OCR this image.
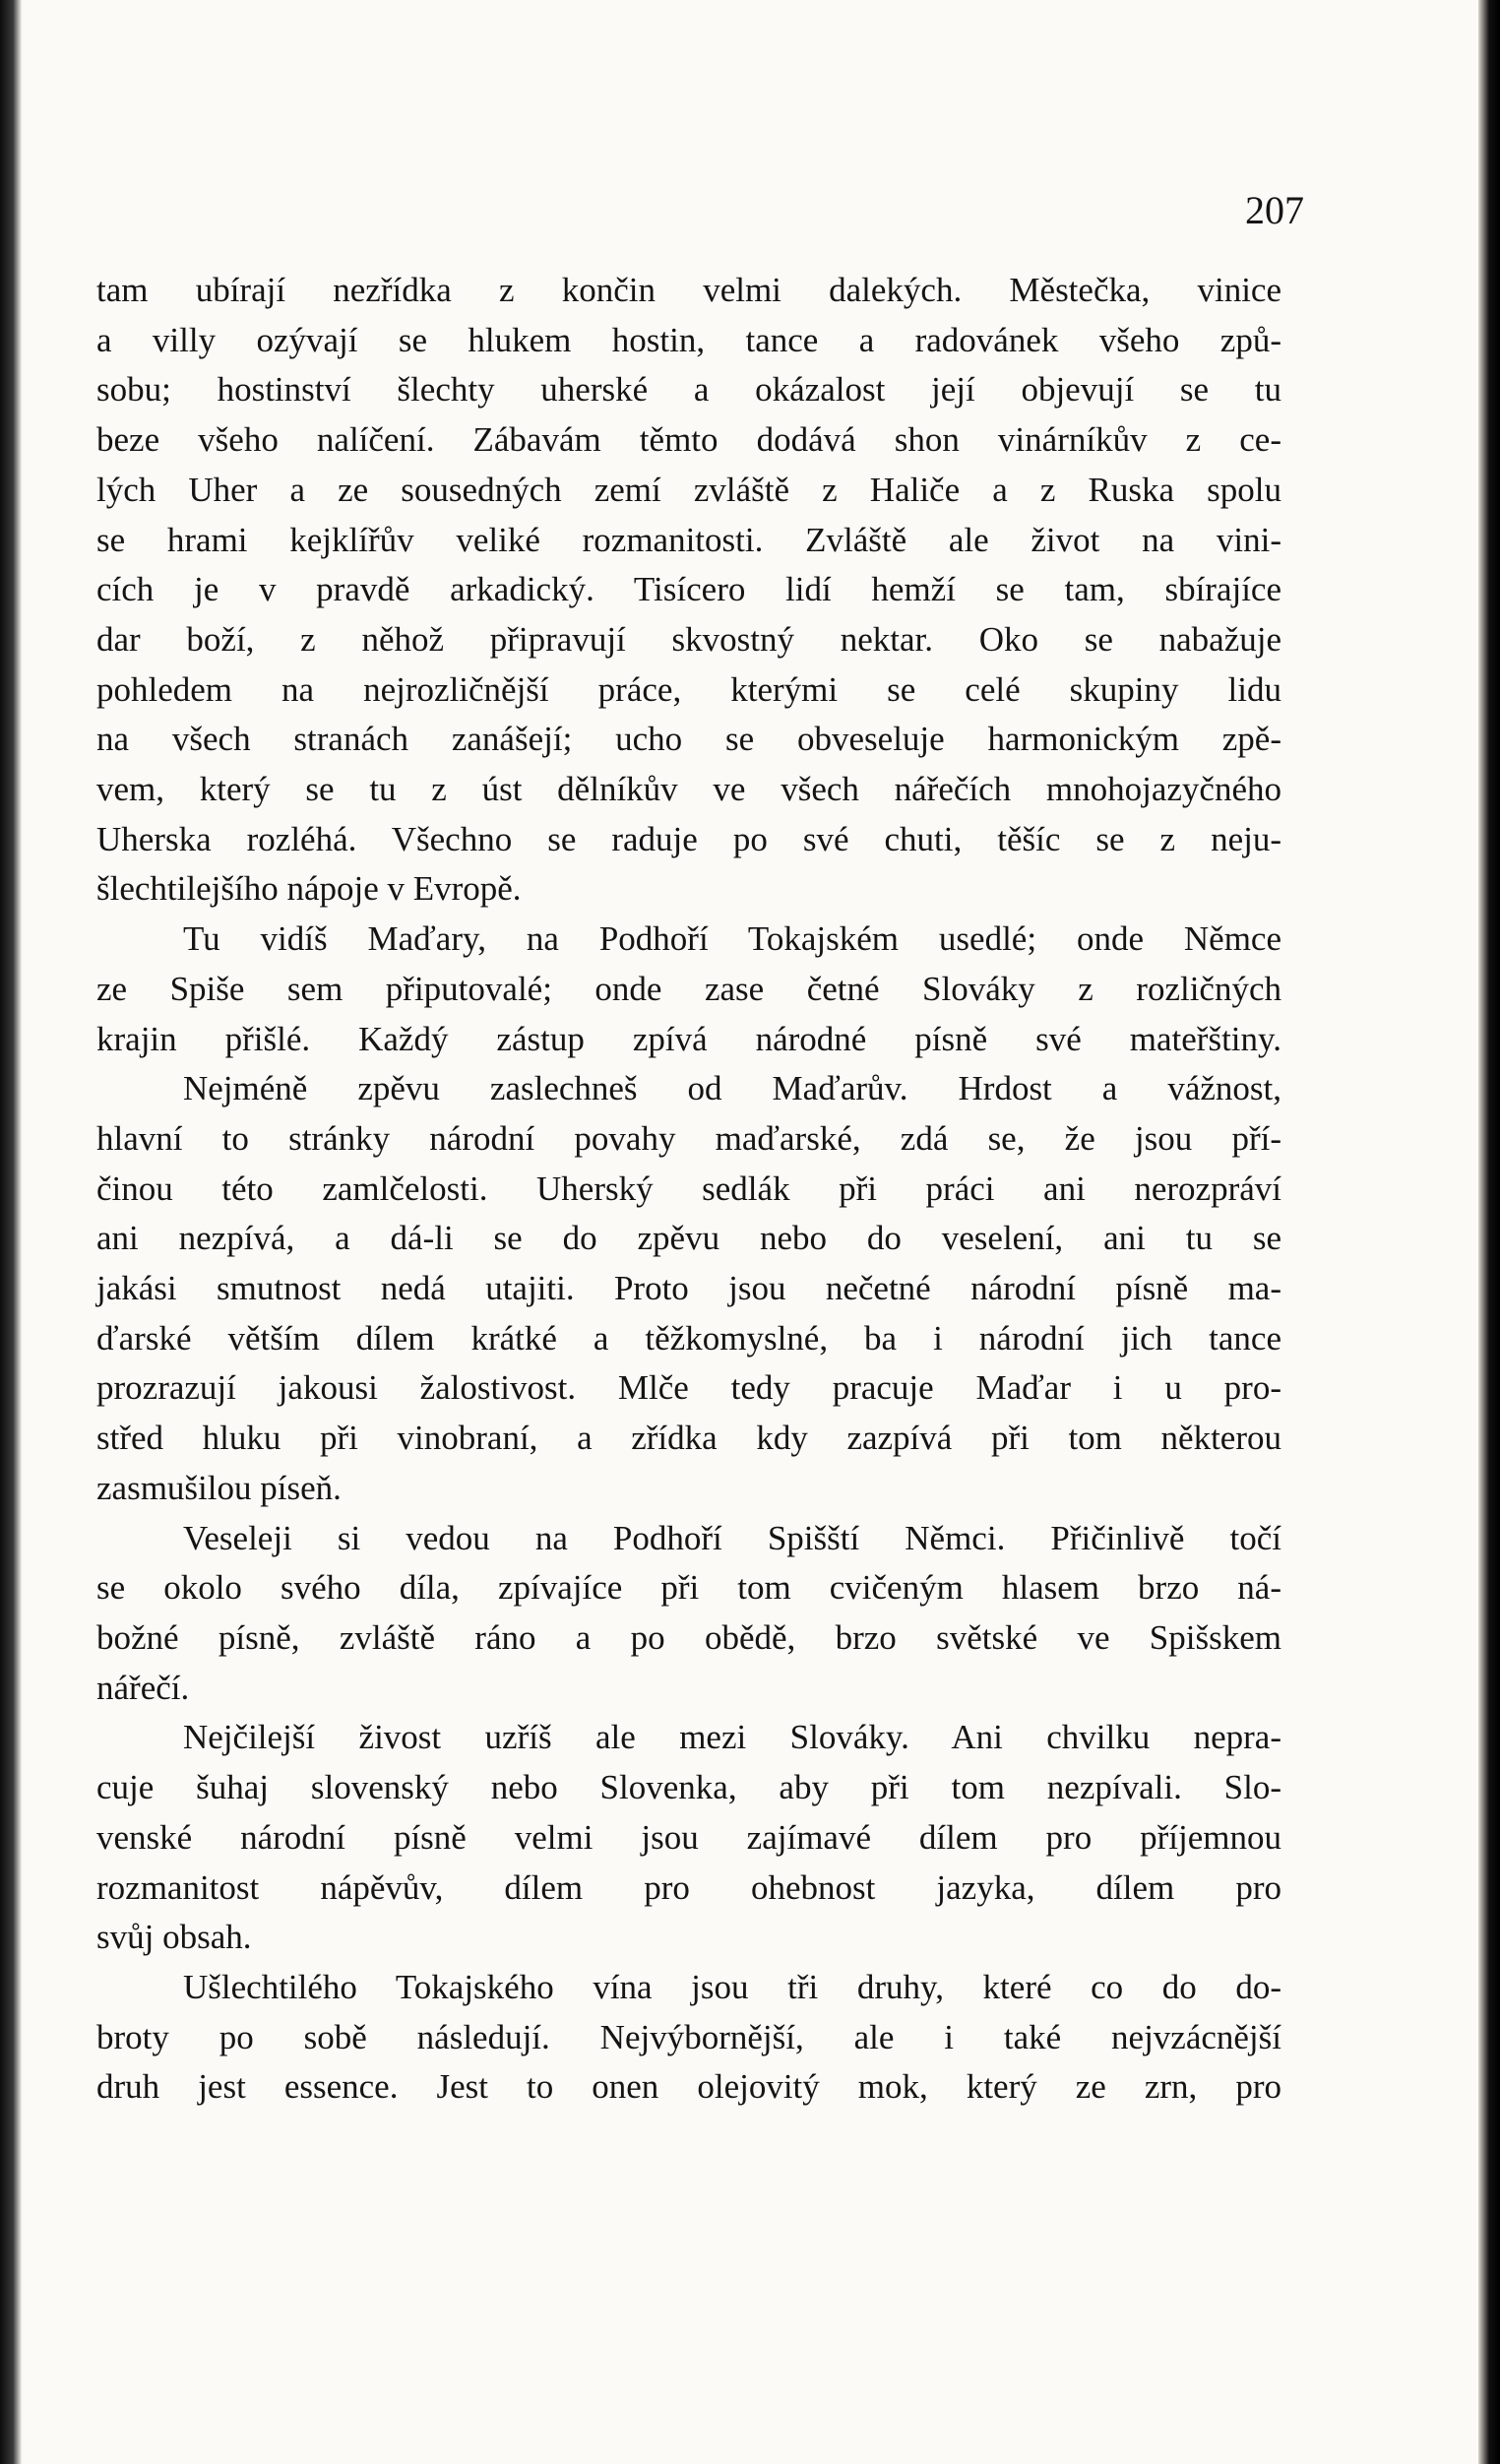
207

tam ubírají nezřídka z končin velmi dalekých. Městečka, vinice
a villy ozývají se hlukem hostin, tance a radovánek všeho způ-
sobu; hostinství šlechty uherské a okázalost její objevují se tu
beze všeho nalíčení. Zábavám těmto dodává shon vinárníkův z ce-
lých Uher a ze sousedných zemí zvláště z Haliče a z Ruska spolu
se hrami kejklířův veliké rozmanitosti. Zvláště ale život na vini-
cích je v pravdě arkadický. Tisícero lidí hemží se tam, sbírajíce
dar boží, z něhož připravují skvostný nektar. Oko se nabažuje
pohledem na nejrozličnější práce, kterými se celé skupiny lidu
na všech stranách zanášejí; ucho se obveseluje harmonickým zpě-
vem, který se tu z úst dělníkův ve všech nářečích mnohojazyčného
Uherska rozléhá. Všechno se raduje po své chuti, těšíc se z neju-
šlechtilejšího nápoje v Evropě.

Tu vidíš Maďary, na Podhoří Tokajském usedlé; onde Němce
ze Spiše sem připutovalé; onde zase četné Slováky z rozličných
krajin přišlé. Každý zástup zpívá národné písně své mateřštiny.

Nejméně zpěvu zaslechneš od Maďarův. Hrdost a vážnost,
hlavní to stránky národní povahy maďarské, zdá se, že jsou pří-
činou této zamlčelosti. Uherský sedlák při práci ani nerozpráví
ani nezpívá, a dá-li se do zpěvu nebo do veselení, ani tu se
jakási smutnost nedá utajiti. Proto jsou nečetné národní písně ma-
ďarské větším dílem krátké a těžkomyslné, ba i národní jich tance
prozrazují jakousi žalostivost. Mlče tedy pracuje Maďar i u pro-
střed hluku při vinobraní, a zřídka kdy zazpívá při tom některou
zasmušilou píseň.

Veseleji si vedou na Podhoří Spišští Němci. Přičinlivě točí
se okolo svého díla, zpívajíce při tom cvičeným hlasem brzo ná-
božné písně, zvláště ráno a po obědě, brzo světské ve Spišskem
nářečí.

Nejčilejší živost uzříš ale mezi Slováky. Ani chvilku nepra-
cuje šuhaj slovenský nebo Slovenka, aby při tom nezpívali. Slo-
venské národní písně velmi jsou zajímavé dílem pro příjemnou
rozmanitost nápěvův, dílem pro ohebnost jazyka, dílem pro
svůj obsah.

Ušlechtilého Tokajského vína jsou tři druhy, které co do do-
broty po sobě následují. Nejvýbornější, ale i také nejvzácnější
druh jest essence. Jest to onen olejovitý mok, který ze zrn, pro
